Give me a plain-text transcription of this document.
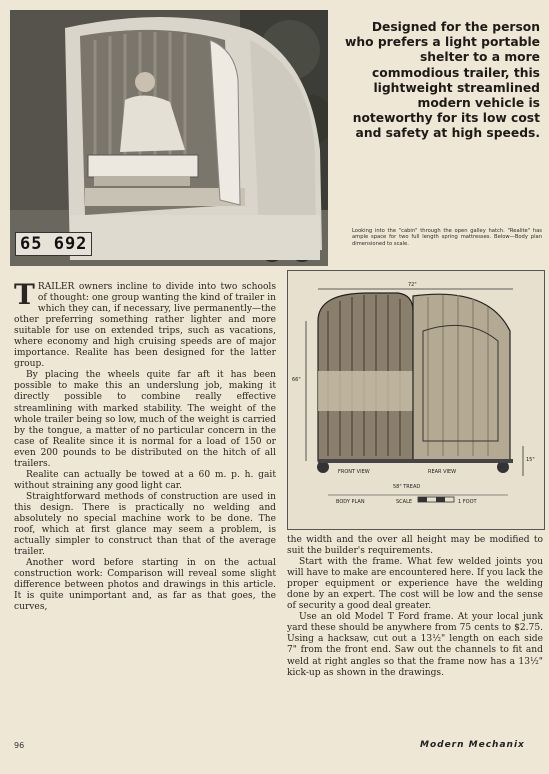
65 692
Designed for the person who prefers a light portable shelter to a more commodious trailer, this lightweight streamlined modern vehicle is noteworthy for its low cost and safety at high speeds.
Looking into the "cabin" through the open galley hatch. "Realite" has ample space for two full length spring mattresses. Below—Body plan dimensioned to scale.
FRONT VIEW	REAR VIEW
58" TREAD
BODY PLAN	SCALE	1 FOOT
66"
72"
15"

TRAILER owners incline to divide into two schools of thought: one group wanting the kind of trailer in which they can, if necessary, live permanently—the other preferring something rather lighter and more suitable for use on extended trips, such as vacations, where economy and high cruising speeds are of major importance. Realite has been designed for the latter group.

By placing the wheels quite far aft it has been possible to make this an underslung job, making it directly possible to combine really effective streamlining with marked stability. The weight of the whole trailer being so low, much of the weight is carried by the tongue, a matter of no particular concern in the case of Realite since it is normal for a load of 150 or even 200 pounds to be distributed on the hitch of all trailers.

Realite can actually be towed at a 60 m. p. h. gait without straining any good light car.

Straightforward methods of construction are used in this design. There is practically no welding and absolutely no special machine work to be done. The roof, which at first glance may seem a problem, is actually simpler to construct than that of the average trailer.

Another word before starting in on the actual construction work: Comparison will reveal some slight difference between photos and drawings in this article. It is quite unimportant and, as far as that goes, the curves,

the width and the over all height may be modified to suit the builder's requirements.

Start with the frame. What few welded joints you will have to make are encountered here. If you lack the proper equipment or experience have the welding done by an expert. The cost will be low and the sense of security a good deal greater.

Use an old Model T Ford frame. At your local junk yard these should be anywhere from 75 cents to $2.75. Using a hacksaw, cut out a 13½" length on each side 7" from the front end. Saw out the channels to fit and weld at right angles so that the frame now has a 13½" kick-up as shown in the drawings.

96	Modern Mechanix
